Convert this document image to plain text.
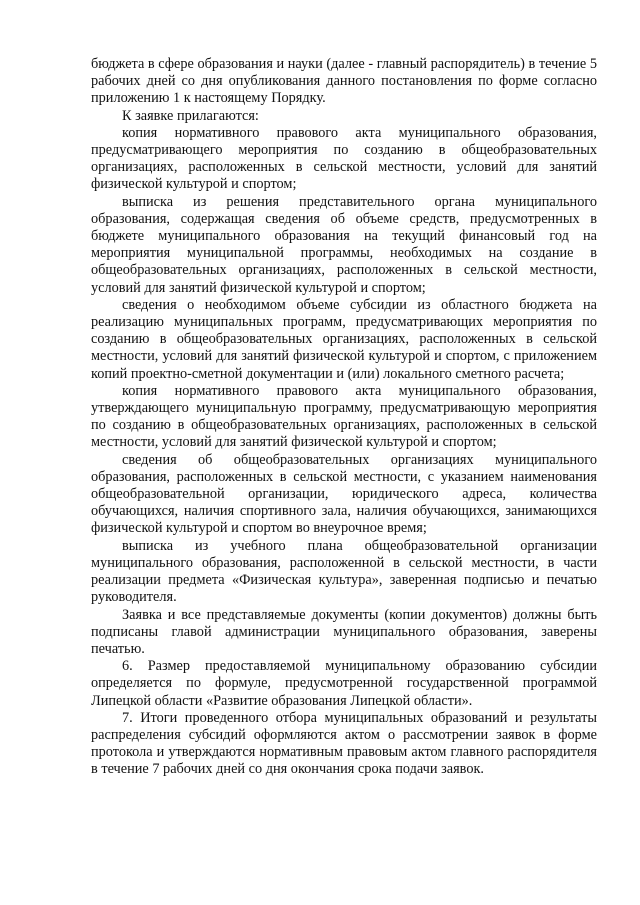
бюджета в сфере образования и науки (далее - главный распорядитель) в течение 5 рабочих дней со дня опубликования данного постановления по форме согласно приложению 1 к настоящему Порядку.

К заявке прилагаются:

копия нормативного правового акта муниципального образования, предусматривающего мероприятия по созданию в общеобразовательных организациях, расположенных в сельской местности, условий для занятий физической культурой и спортом;

выписка из решения представительного органа муниципального образования, содержащая сведения об объеме средств, предусмотренных в бюджете муниципального образования на текущий финансовый год на мероприятия муниципальной программы, необходимых на создание в общеобразовательных организациях, расположенных в сельской местности, условий для занятий физической культурой и спортом;

сведения о необходимом объеме субсидии из областного бюджета на реализацию муниципальных программ, предусматривающих мероприятия по созданию в общеобразовательных организациях, расположенных в сельской местности, условий для занятий физической культурой и спортом, с приложением копий проектно-сметной документации и (или) локального сметного расчета;

копия нормативного правового акта муниципального образования, утверждающего муниципальную программу, предусматривающую мероприятия по созданию в общеобразовательных организациях, расположенных в сельской местности, условий для занятий физической культурой и спортом;

сведения об общеобразовательных организациях муниципального образования, расположенных в сельской местности, с указанием наименования общеобразовательной организации, юридического адреса, количества обучающихся, наличия спортивного зала, наличия обучающихся, занимающихся физической культурой и спортом во внеурочное время;

выписка из учебного плана общеобразовательной организации муниципального образования, расположенной в сельской местности, в части реализации предмета «Физическая культура», заверенная подписью и печатью руководителя.

Заявка и все представляемые документы (копии документов) должны быть подписаны главой администрации муниципального образования, заверены печатью.

6. Размер предоставляемой муниципальному образованию субсидии определяется по формуле, предусмотренной государственной программой Липецкой области «Развитие образования Липецкой области».

7. Итоги проведенного отбора муниципальных образований и результаты распределения субсидий оформляются актом о рассмотрении заявок в форме протокола и утверждаются нормативным правовым актом главного распорядителя в течение 7 рабочих дней со дня окончания срока подачи заявок.
